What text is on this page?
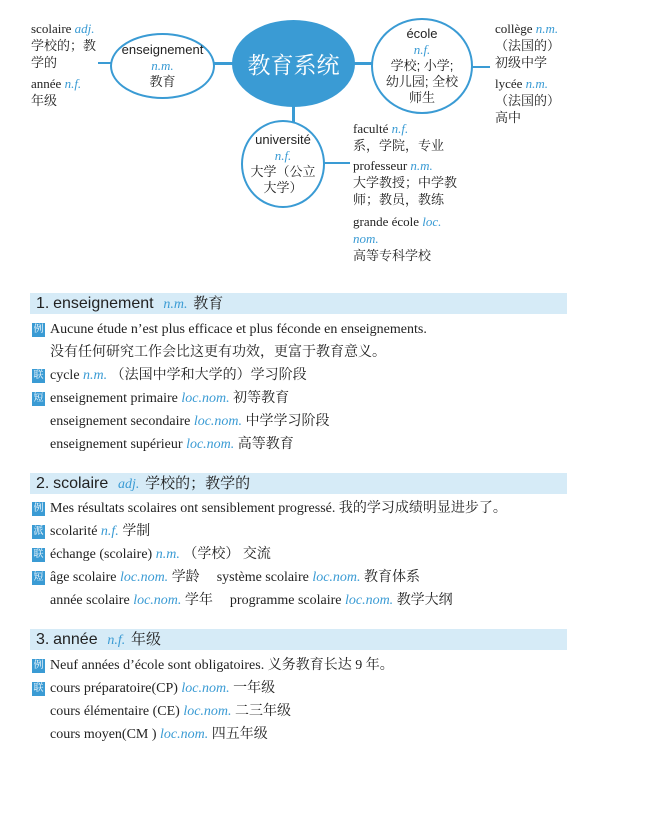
scolaire adj.
学校的；教
学的
année n.f.
年级
enseignement
n.m.
教育
教育系统
école
n.f.
学校; 小学;
幼儿园; 全校
师生
collège n.m.
（法国的）
初级中学
lycée n.m.
（法国的）
高中
université
n.f.
大学（公立
大学）
faculté n.f.
系，学院，专业
professeur n.m.
大学教授；中学教
师；教员，教练
grande école loc.
nom.
高等专科学校
1. enseignement n.m. 教育
例 Aucune étude n’est plus efficace et plus féconde en enseignements.
没有任何研究工作会比这更有功效，更富于教育意义。
联 cycle n.m. （法国中学和大学的）学习阶段
短 enseignement primaire loc.nom. 初等教育
enseignement secondaire loc.nom. 中学学习阶段
enseignement supérieur loc.nom. 高等教育
2. scolaire adj. 学校的；教学的
例 Mes résultats scolaires ont sensiblement progressé. 我的学习成绩明显进步了。
派 scolarité n.f. 学制
联 échange (scolaire) n.m. （学校） 交流
短 âge scolaire loc.nom. 学龄 système scolaire loc.nom. 教育体系
année scolaire loc.nom. 学年 programme scolaire loc.nom. 教学大纲
3. année n.f. 年级
例 Neuf années d’école sont obligatoires. 义务教育长达 9 年。
联 cours préparatoire(CP) loc.nom. 一年级
cours élémentaire (CE) loc.nom. 二三年级
cours moyen(CM ) loc.nom. 四五年级
